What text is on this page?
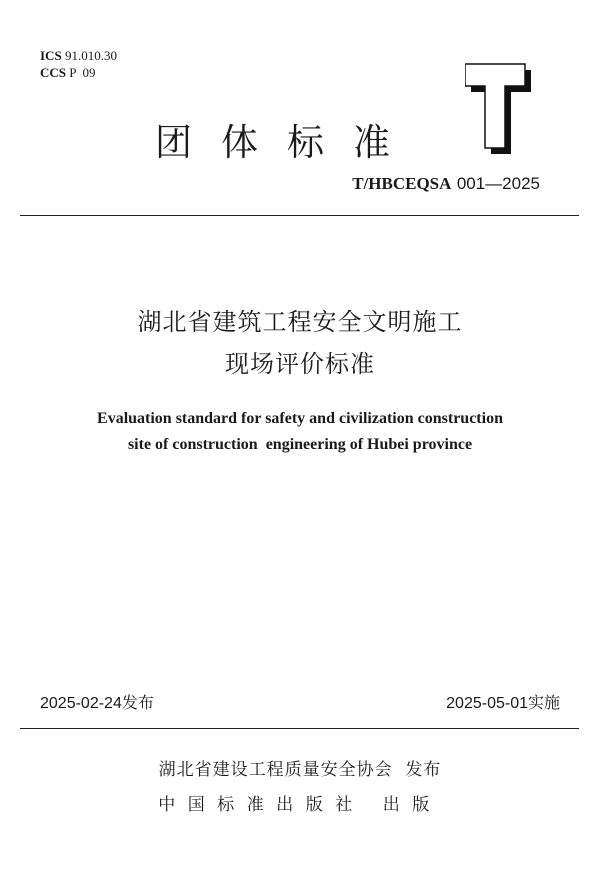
ICS 91.010.30
CCS P  09
团体标准	T
T/HBCEQSA 001—2025
湖北省建筑工程安全文明施工
现场评价标准
Evaluation standard for safety and civilization construction
site of construction  engineering of Hubei province
2025-02-24发布	2025-05-01实施
湖北省建设工程质量安全协会  发布
中国标准出版社 出版
